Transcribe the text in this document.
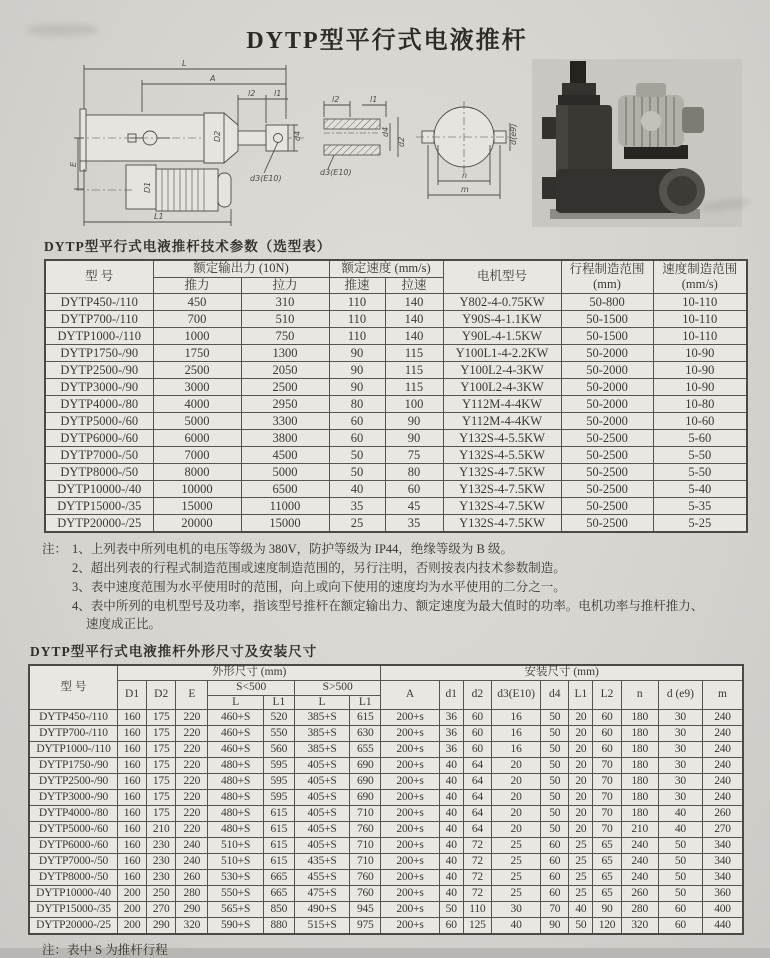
DYTP型平行式电液推杆
L
A
l2 l1
d4
d3(E10)
E
D2
D1
L1
l2	l1
d4
d2
d3(E10)	n
m
d(e9)
DYTP型平行式电液推杆技术参数（选型表）
型 号	额定输出力 (10N)		额定速度 (mm/s)		电机型号	行程制造范围 (mm)	速度制造范围 (mm/s)
	推力	拉力	推速	拉速			
DYTP450-/110	450	310	110	140	Y802-4-0.75KW	50-800	10-110
DYTP700-/110	700	510	110	140	Y90S-4-1.1KW	50-1500	10-110
DYTP1000-/110	1000	750	110	140	Y90L-4-1.5KW	50-1500	10-110
DYTP1750-/90	1750	1300	90	115	Y100L1-4-2.2KW	50-2000	10-90
DYTP2500-/90	2500	2050	90	115	Y100L2-4-3KW	50-2000	10-90
DYTP3000-/90	3000	2500	90	115	Y100L2-4-3KW	50-2000	10-90
DYTP4000-/80	4000	2950	80	100	Y112M-4-4KW	50-2000	10-80
DYTP5000-/60	5000	3300	60	90	Y112M-4-4KW	50-2000	10-60
DYTP6000-/60	6000	3800	60	90	Y132S-4-5.5KW	50-2500	5-60
DYTP7000-/50	7000	4500	50	75	Y132S-4-5.5KW	50-2500	5-50
DYTP8000-/50	8000	5000	50	80	Y132S-4-7.5KW	50-2500	5-50
DYTP10000-/40	10000	6500	40	60	Y132S-4-7.5KW	50-2500	5-40
DYTP15000-/35	15000	11000	35	45	Y132S-4-7.5KW	50-2500	5-35
DYTP20000-/25	20000	15000	25	35	Y132S-4-7.5KW	50-2500	5-25
注： 1、上列表中所列电机的电压等级为 380V，防护等级为 IP44，绝缘等级为 B 级。
2、超出列表的行程式制造范围或速度制造范围的，另行注明，否则按表内技术参数制造。
3、表中速度范围为水平使用时的范围，向上或向下使用的速度均为水平使用的二分之一。
4、表中所列的电机型号及功率，指该型号推杆在额定输出力、额定速度为最大值时的功率。电机功率与推杆推力、速度成正比。
DYTP型平行式电液推杆外形尺寸及安装尺寸
型 号	外形尺寸 (mm)							安装尺寸 (mm)									
	D1	D2	E	S<500		S>500		A	d1	d2	d3(E10)	d4	L1	L2	n	d (e9)	m
				L	L1	L	L1										
DYTP450-/110	160	175	220	460+S	520	385+S	615	200+s	36	60	16	50	20	60	180	30	240
DYTP700-/110	160	175	220	460+S	550	385+S	630	200+s	36	60	16	50	20	60	180	30	240
DYTP1000-/110	160	175	220	460+S	560	385+S	655	200+s	36	60	16	50	20	60	180	30	240
DYTP1750-/90	160	175	220	480+S	595	405+S	690	200+s	40	64	20	50	20	70	180	30	240
DYTP2500-/90	160	175	220	480+S	595	405+S	690	200+s	40	64	20	50	20	70	180	30	240
DYTP3000-/90	160	175	220	480+S	595	405+S	690	200+s	40	64	20	50	20	70	180	30	240
DYTP4000-/80	160	175	220	480+S	615	405+S	710	200+s	40	64	20	50	20	70	180	40	260
DYTP5000-/60	160	210	220	480+S	615	405+S	760	200+s	40	64	20	50	20	70	210	40	270
DYTP6000-/60	160	230	240	510+S	615	405+S	710	200+s	40	72	25	60	25	65	240	50	340
DYTP7000-/50	160	230	240	510+S	615	435+S	710	200+s	40	72	25	60	25	65	240	50	340
DYTP8000-/50	160	230	260	530+S	665	455+S	760	200+s	40	72	25	60	25	65	240	50	340
DYTP10000-/40	200	250	280	550+S	665	475+S	760	200+s	40	72	25	60	25	65	260	50	360
DYTP15000-/35	200	270	290	565+S	850	490+S	945	200+s	50	110	30	70	40	90	280	60	400
DYTP20000-/25	200	290	320	590+S	880	515+S	975	200+s	60	125	40	90	50	120	320	60	440
注：表中 S 为推杆行程
